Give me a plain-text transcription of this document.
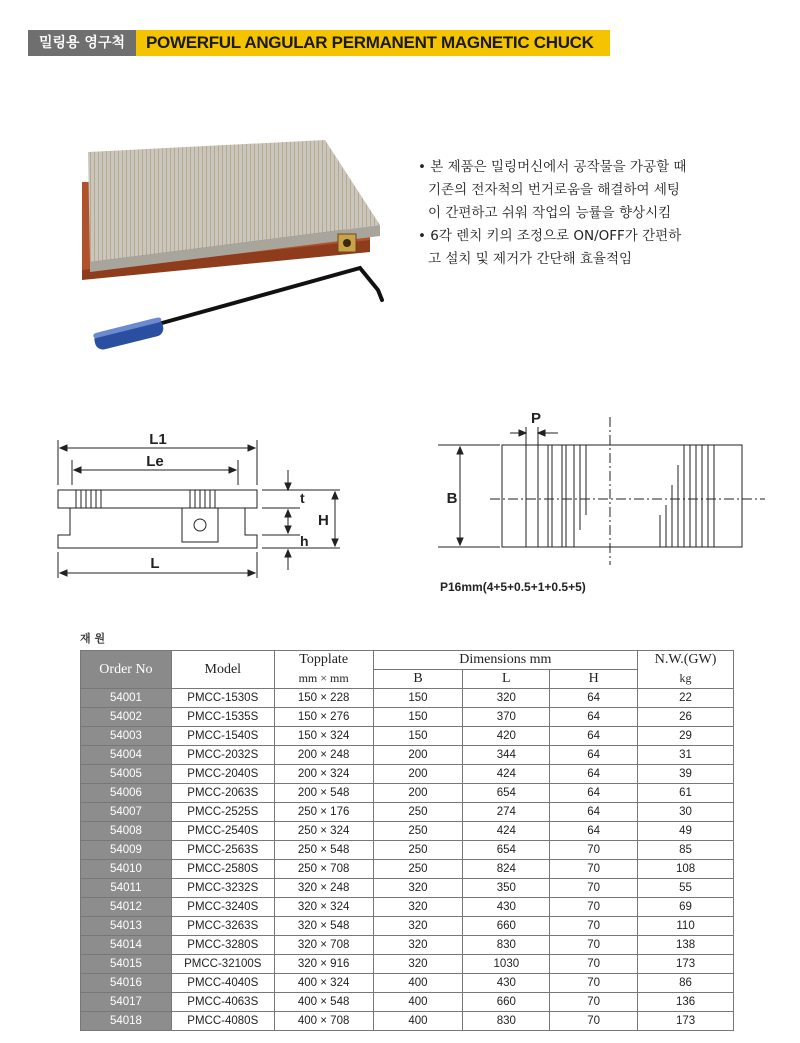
밀링용 영구척	POWERFUL ANGULAR PERMANENT MAGNETIC CHUCK

• 본 제품은 밀링머신에서 공작물을 가공할 때

기존의 전자척의 번거로움을 해결하여 세팅

이 간편하고 쉬워 작업의 능률을 향상시킴

• 6각 렌치 키의 조정으로 ON/OFF가 간편하

고 설치 및 제거가 간단해 효율적임

L1
Le
L
t
H
h
P
B
P16mm(4+5+0.5+1+0.5+5)
재 원
Order No	Model	Topplate	Dimensions mm			N.W.(GW)
		mm × mm	B	L	H	kg
54001	PMCC-1530S	150 × 228	150	320	64	22
54002	PMCC-1535S	150 × 276	150	370	64	26
54003	PMCC-1540S	150 × 324	150	420	64	29
54004	PMCC-2032S	200 × 248	200	344	64	31
54005	PMCC-2040S	200 × 324	200	424	64	39
54006	PMCC-2063S	200 × 548	200	654	64	61
54007	PMCC-2525S	250 × 176	250	274	64	30
54008	PMCC-2540S	250 × 324	250	424	64	49
54009	PMCC-2563S	250 × 548	250	654	70	85
54010	PMCC-2580S	250 × 708	250	824	70	108
54011	PMCC-3232S	320 × 248	320	350	70	55
54012	PMCC-3240S	320 × 324	320	430	70	69
54013	PMCC-3263S	320 × 548	320	660	70	110
54014	PMCC-3280S	320 × 708	320	830	70	138
54015	PMCC-32100S	320 × 916	320	1030	70	173
54016	PMCC-4040S	400 × 324	400	430	70	86
54017	PMCC-4063S	400 × 548	400	660	70	136
54018	PMCC-4080S	400 × 708	400	830	70	173
